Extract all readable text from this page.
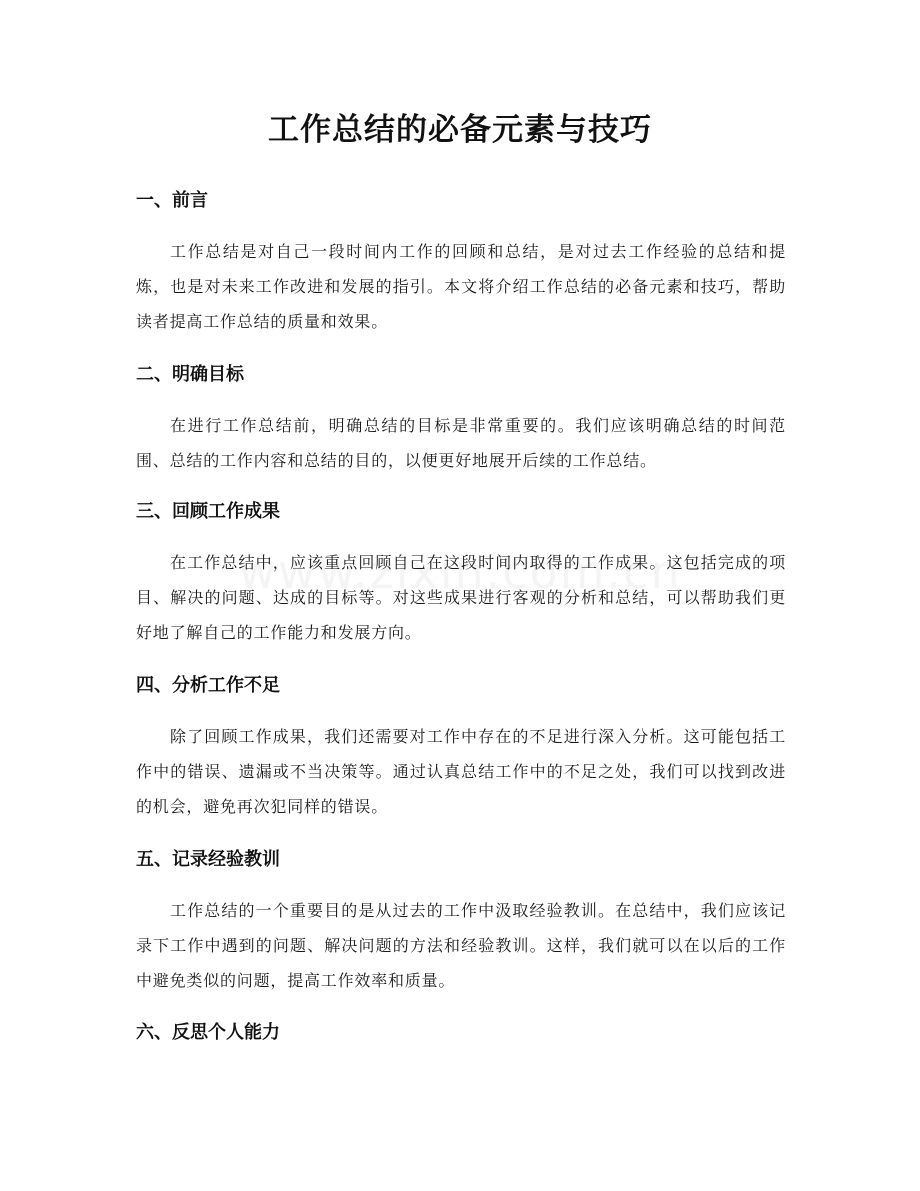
工作总结的必备元素与技巧
一、前言

工作总结是对自己一段时间内工作的回顾和总结，是对过去工作经验的总结和提炼，也是对未来工作改进和发展的指引。本文将介绍工作总结的必备元素和技巧，帮助读者提高工作总结的质量和效果。

二、明确目标

在进行工作总结前，明确总结的目标是非常重要的。我们应该明确总结的时间范围、总结的工作内容和总结的目的，以便更好地展开后续的工作总结。

三、回顾工作成果

在工作总结中，应该重点回顾自己在这段时间内取得的工作成果。这包括完成的项目、解决的问题、达成的目标等。对这些成果进行客观的分析和总结，可以帮助我们更好地了解自己的工作能力和发展方向。

四、分析工作不足

除了回顾工作成果，我们还需要对工作中存在的不足进行深入分析。这可能包括工作中的错误、遗漏或不当决策等。通过认真总结工作中的不足之处，我们可以找到改进的机会，避免再次犯同样的错误。

五、记录经验教训

工作总结的一个重要目的是从过去的工作中汲取经验教训。在总结中，我们应该记录下工作中遇到的问题、解决问题的方法和经验教训。这样，我们就可以在以后的工作中避免类似的问题，提高工作效率和质量。

六、反思个人能力
